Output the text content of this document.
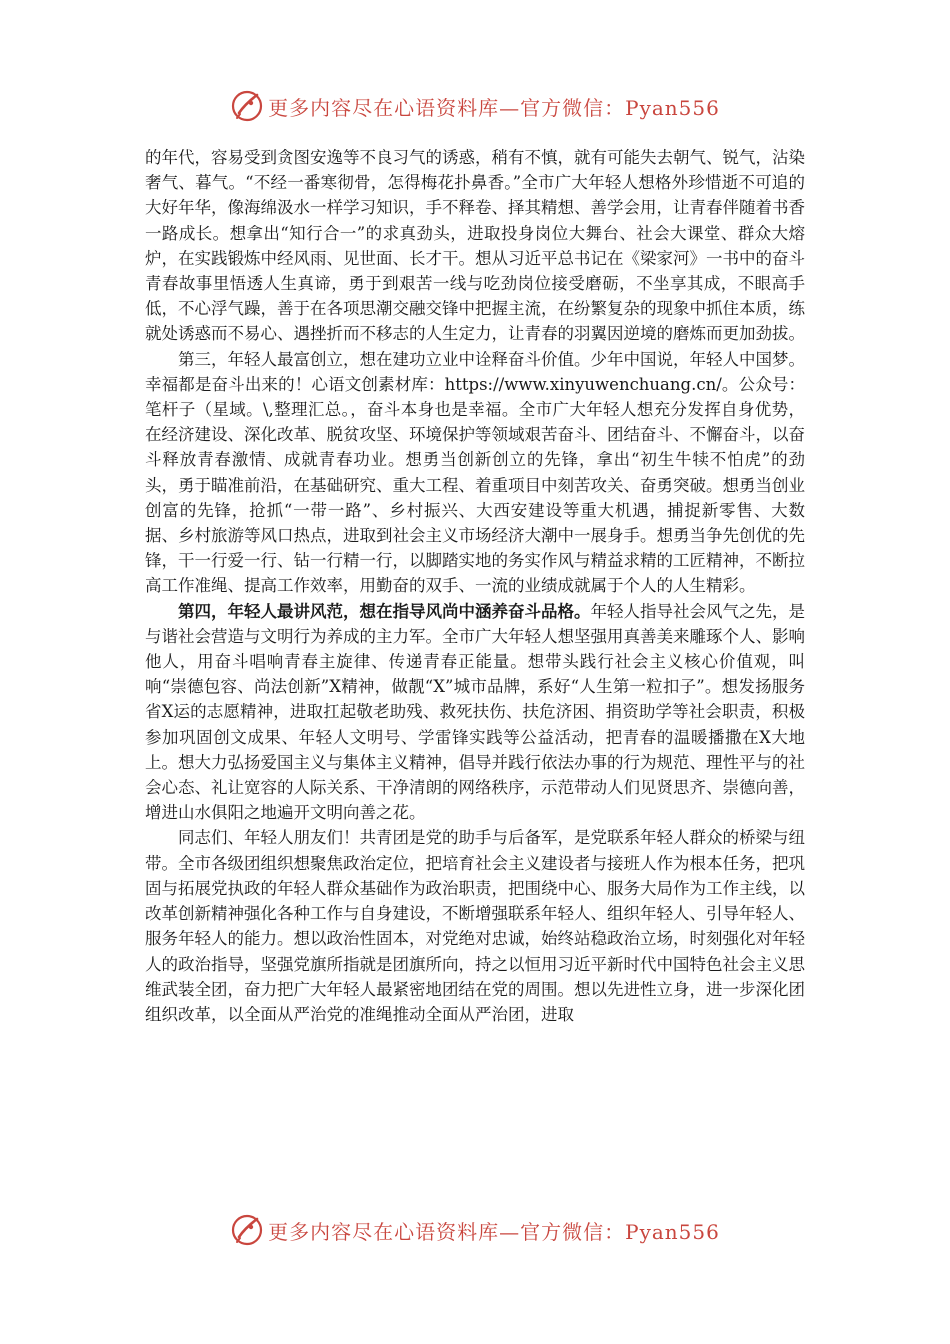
更多内容尽在心语资料库—官方微信：Pyan556

的年代，容易受到贪图安逸等不良习气的诱惑，稍有不慎，就有可能失去朝气、锐气，沾染奢气、暮气。“不经一番寒彻骨，怎得梅花扑鼻香。”全市广大年轻人想格外珍惜逝不可追的大好年华，像海绵汲水一样学习知识，手不释卷、择其精想、善学会用，让青春伴随着书香一路成长。想拿出“知行合一”的求真劲头，进取投身岗位大舞台、社会大课堂、群众大熔炉，在实践锻炼中经风雨、见世面、长才干。想从习近平总书记在《梁家河》一书中的奋斗青春故事里悟透人生真谛，勇于到艰苦一线与吃劲岗位接受磨砺，不坐享其成，不眼高手低，不心浮气躁，善于在各项思潮交融交锋中把握主流，在纷繁复杂的现象中抓住本质，练就处诱惑而不易心、遇挫折而不移志的人生定力，让青春的羽翼因逆境的磨炼而更加劲拔。

第三，年轻人最富创立，想在建功立业中诠释奋斗价值。少年中国说，年轻人中国梦。幸福都是奋斗出来的！心语文创素材库：https://www.xinyuwenchuang.cn/。公众号：笔杆子（星域。\,整理汇总。，奋斗本身也是幸福。全市广大年轻人想充分发挥自身优势，在经济建设、深化改革、脱贫攻坚、环境保护等领域艰苦奋斗、团结奋斗、不懈奋斗，以奋斗释放青春激情、成就青春功业。想勇当创新创立的先锋，拿出“初生牛犊不怕虎”的劲头，勇于瞄准前沿，在基础研究、重大工程、着重项目中刻苦攻关、奋勇突破。想勇当创业创富的先锋，抢抓“一带一路”、乡村振兴、大西安建设等重大机遇，捕捉新零售、大数据、乡村旅游等风口热点，进取到社会主义市场经济大潮中一展身手。想勇当争先创优的先锋，干一行爱一行、钻一行精一行，以脚踏实地的务实作风与精益求精的工匠精神，不断拉高工作准绳、提高工作效率，用勤奋的双手、一流的业绩成就属于个人的人生精彩。

第四，年轻人最讲风范，想在指导风尚中涵养奋斗品格。年轻人指导社会风气之先，是与谐社会营造与文明行为养成的主力军。全市广大年轻人想坚强用真善美来雕琢个人、影响他人，用奋斗唱响青春主旋律、传递青春正能量。想带头践行社会主义核心价值观，叫响“崇德包容、尚法创新”X精神，做靓“X”城市品牌，系好“人生第一粒扣子”。想发扬服务省X运的志愿精神，进取扛起敬老助残、救死扶伤、扶危济困、捐资助学等社会职责，积极参加巩固创文成果、年轻人文明号、学雷锋实践等公益活动，把青春的温暖播撒在X大地上。想大力弘扬爱国主义与集体主义精神，倡导并践行依法办事的行为规范、理性平与的社会心态、礼让宽容的人际关系、干净清朗的网络秩序，示范带动人们见贤思齐、崇德向善，增进山水俱阳之地遍开文明向善之花。

同志们、年轻人朋友们！共青团是党的助手与后备军，是党联系年轻人群众的桥梁与纽带。全市各级团组织想聚焦政治定位，把培育社会主义建设者与接班人作为根本任务，把巩固与拓展党执政的年轻人群众基础作为政治职责，把围绕中心、服务大局作为工作主线，以改革创新精神强化各种工作与自身建设，不断增强联系年轻人、组织年轻人、引导年轻人、服务年轻人的能力。想以政治性固本，对党绝对忠诚，始终站稳政治立场，时刻强化对年轻人的政治指导，坚强党旗所指就是团旗所向，持之以恒用习近平新时代中国特色社会主义思维武装全团，奋力把广大年轻人最紧密地团结在党的周围。想以先进性立身，进一步深化团组织改革，以全面从严治党的准绳推动全面从严治团，进取

更多内容尽在心语资料库—官方微信：Pyan556
